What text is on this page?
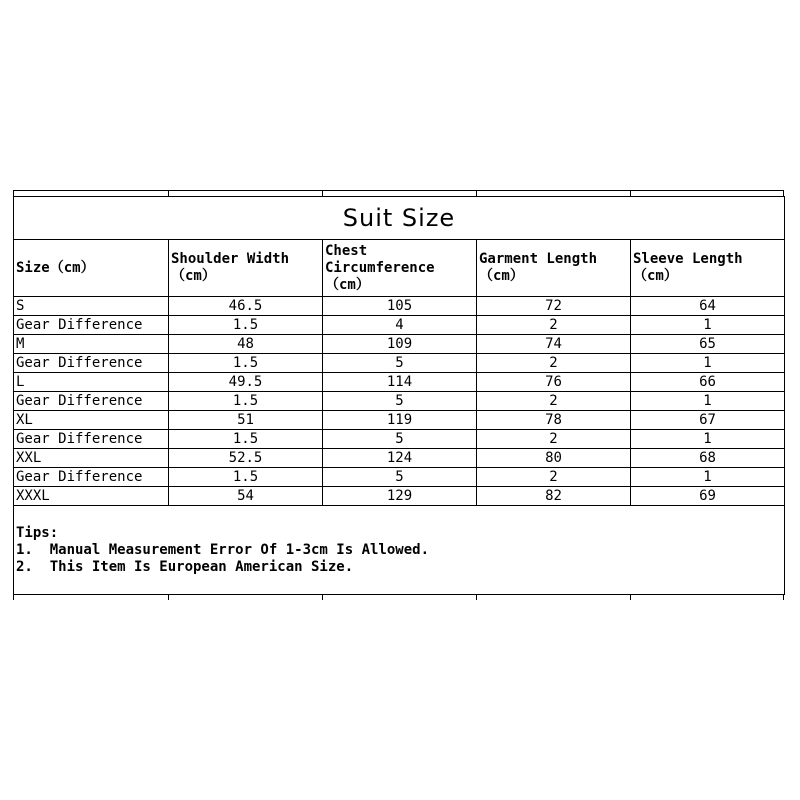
Suit Size				
Size（cm）	Shoulder Width （cm）	Chest Circumference （cm）	Garment Length （cm）	Sleeve Length （cm）
S	46.5	105	72	64
Gear Difference	1.5	4	2	1
M	48	109	74	65
Gear Difference	1.5	5	2	1
L	49.5	114	76	66
Gear Difference	1.5	5	2	1
XL	51	119	78	67
Gear Difference	1.5	5	2	1
XXL	52.5	124	80	68
Gear Difference	1.5	5	2	1
XXXL	54	129	82	69
Tips:
1.  Manual Measurement Error Of 1-3cm Is Allowed.
2.  This Item Is European American Size.				
